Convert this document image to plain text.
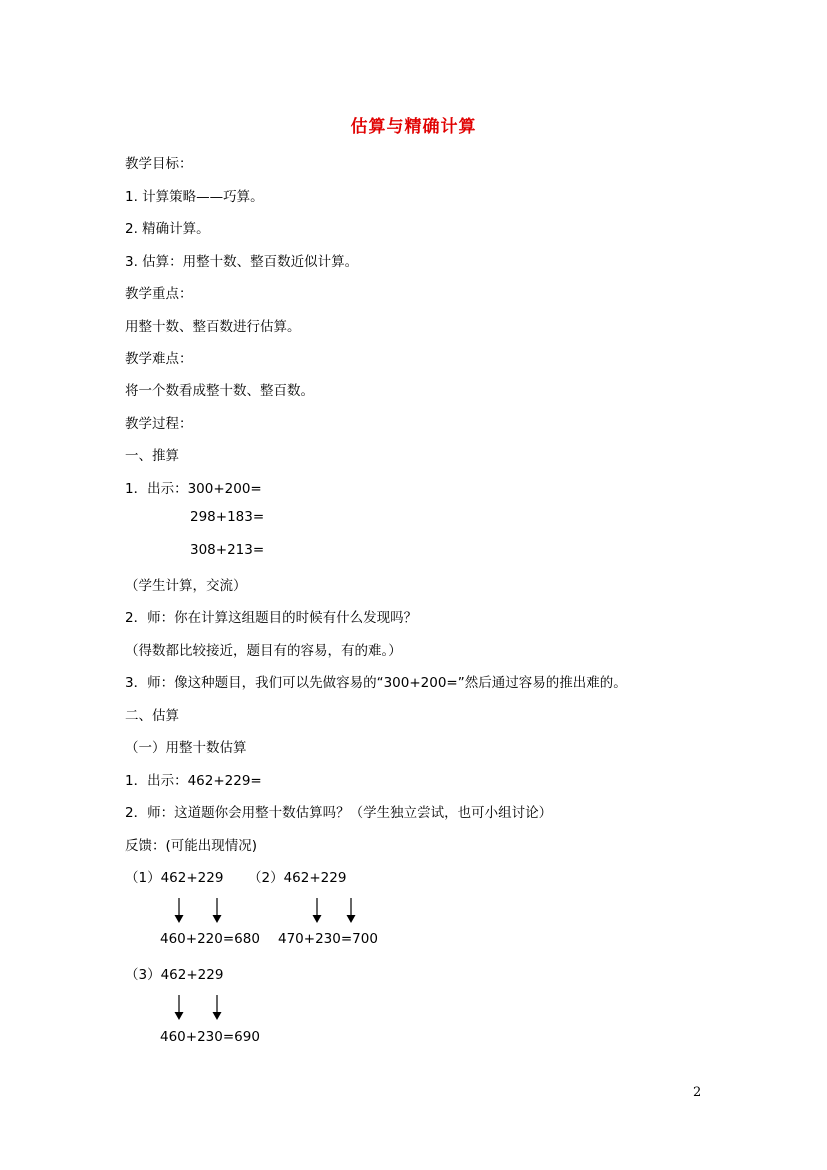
估算与精确计算
教学目标：
1. 计算策略——巧算。
2. 精确计算。
3. 估算：用整十数、整百数近似计算。
教学重点：
用整十数、整百数进行估算。
教学难点：
将一个数看成整十数、整百数。
教学过程：
一、推算
1．出示：300+200=
298+183=
308+213=
（学生计算，交流）
2．师：你在计算这组题目的时候有什么发现吗？
（得数都比较接近，题目有的容易，有的难。）
3．师：像这种题目，我们可以先做容易的“300+200=”然后通过容易的推出难的。
二、估算
（一）用整十数估算
1．出示：462+229=
2．师：这道题你会用整十数估算吗？（学生独立尝试，也可小组讨论）
反馈：(可能出现情况)
（1）462+229 （2）462+229
460+220=680 470+230=700
（3）462+229
460+230=690
2
